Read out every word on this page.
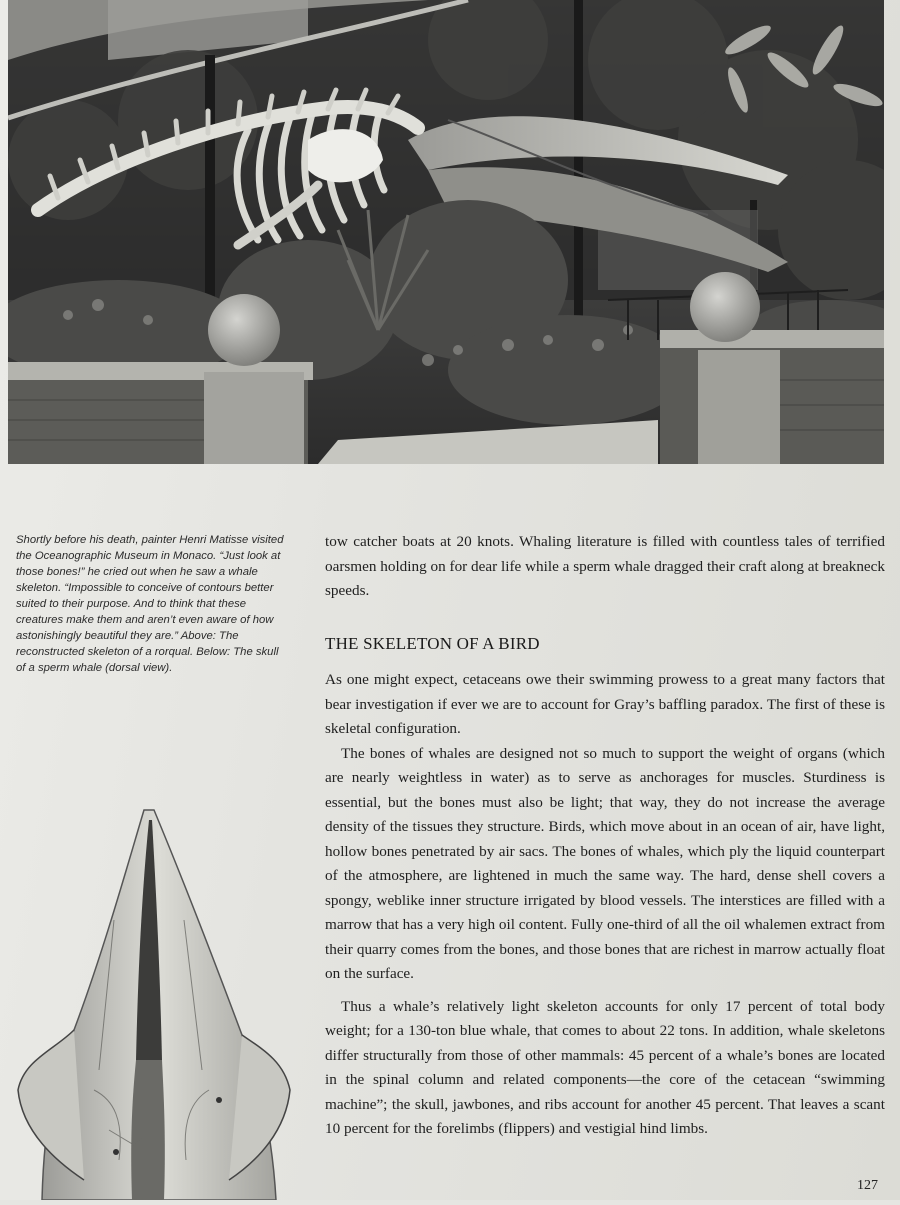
Shortly before his death, painter Henri Matisse visited the Oceanographic Museum in Monaco. “Just look at those bones!” he cried out when he saw a whale skeleton. “Impossible to conceive of contours better suited to their purpose. And to think that these creatures make them and aren’t even aware of how astonishingly beautiful they are.” Above: The reconstructed skeleton of a rorqual. Below: The skull of a sperm whale (dorsal view).

tow catcher boats at 20 knots. Whaling literature is filled with countless tales of terrified oarsmen holding on for dear life while a sperm whale dragged their craft along at breakneck speeds.

THE SKELETON OF A BIRD

As one might expect, cetaceans owe their swimming prowess to a great many factors that bear investigation if ever we are to account for Gray’s baffling paradox. The first of these is skeletal configuration.

The bones of whales are designed not so much to support the weight of organs (which are nearly weightless in water) as to serve as anchorages for muscles. Sturdiness is essential, but the bones must also be light; that way, they do not increase the average density of the tissues they structure. Birds, which move about in an ocean of air, have light, hollow bones penetrated by air sacs. The bones of whales, which ply the liquid counterpart of the atmosphere, are lightened in much the same way. The hard, dense shell covers a spongy, weblike inner structure irrigated by blood vessels. The interstices are filled with a marrow that has a very high oil content. Fully one-third of all the oil whalemen extract from their quarry comes from the bones, and those bones that are richest in marrow actually float on the surface.

Thus a whale’s relatively light skeleton accounts for only 17 percent of total body weight; for a 130-ton blue whale, that comes to about 22 tons. In addition, whale skeletons differ structurally from those of other mammals: 45 percent of a whale’s bones are located in the spinal column and related components—the core of the cetacean “swimming machine”; the skull, jawbones, and ribs account for another 45 percent. That leaves a scant 10 percent for the forelimbs (flippers) and vestigial hind limbs.

127
